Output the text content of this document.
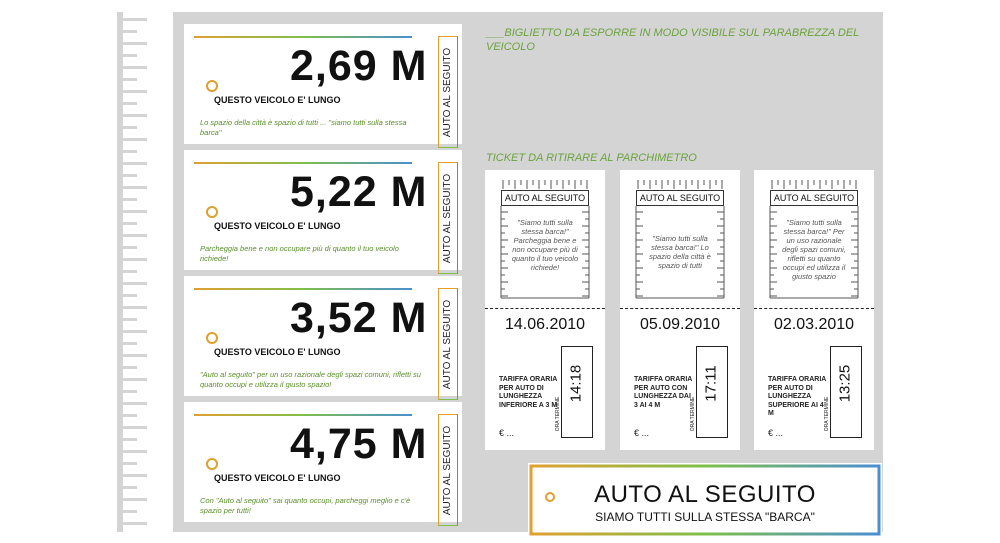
AUTO AL SEGUITO
2,69 M
QUESTO VEICOLO E' LUNGO
Lo spazio della città è spazio di tutti ... "siamo tutti sulla stessa barca"
AUTO AL SEGUITO
5,22 M
QUESTO VEICOLO E' LUNGO
Parcheggia bene e non occupare più di quanto il tuo veicolo richiede!
AUTO AL SEGUITO
3,52 M
QUESTO VEICOLO E' LUNGO
"Auto al seguito" per un uso razionale degli spazi comuni, rifletti su quanto occupi e utilizza il giusto spazio!
AUTO AL SEGUITO
4,75 M
QUESTO VEICOLO E' LUNGO
Con "Auto al seguito" sai quanto occupi, parcheggi meglio e c'è spazio per tutti!
___BIGLIETTO DA ESPORRE IN MODO VISIBILE SUL PARABREZZA DEL VEICOLO
TICKET DA RITIRARE AL PARCHIMETRO
AUTO AL SEGUITO
"Siamo tutti sulla stessa barca!" Parcheggia bene e non occupare più di quanto il tuo veicolo richiede!
14.06.2010
TARIFFA ORARIA PER AUTO DI LUNGHEZZA INFERIORE A 3 M
€ ...
14:18
ORA TERMINE
AUTO AL SEGUITO
"Siamo tutti sulla stessa barca!" Lo spazio della città è spazio di tutti
05.09.2010
TARIFFA ORARIA PER AUTO CON LUNGHEZZA DAI 3 AI 4 M
€ ...
17:11
ORA TERMINE
AUTO AL SEGUITO
"Siamo tutti sulla stessa barca!" Per un uso razionale degli spazi comuni, rifletti su quanto occupi ed utilizza il giusto spazio
02.03.2010
TARIFFA ORARIA PER AUTO DI LUNGHEZZA SUPERIORE AI 4 M
€ ...
13:25
ORA TERMINE
AUTO AL SEGUITO
SIAMO TUTTI SULLA STESSA "BARCA"
